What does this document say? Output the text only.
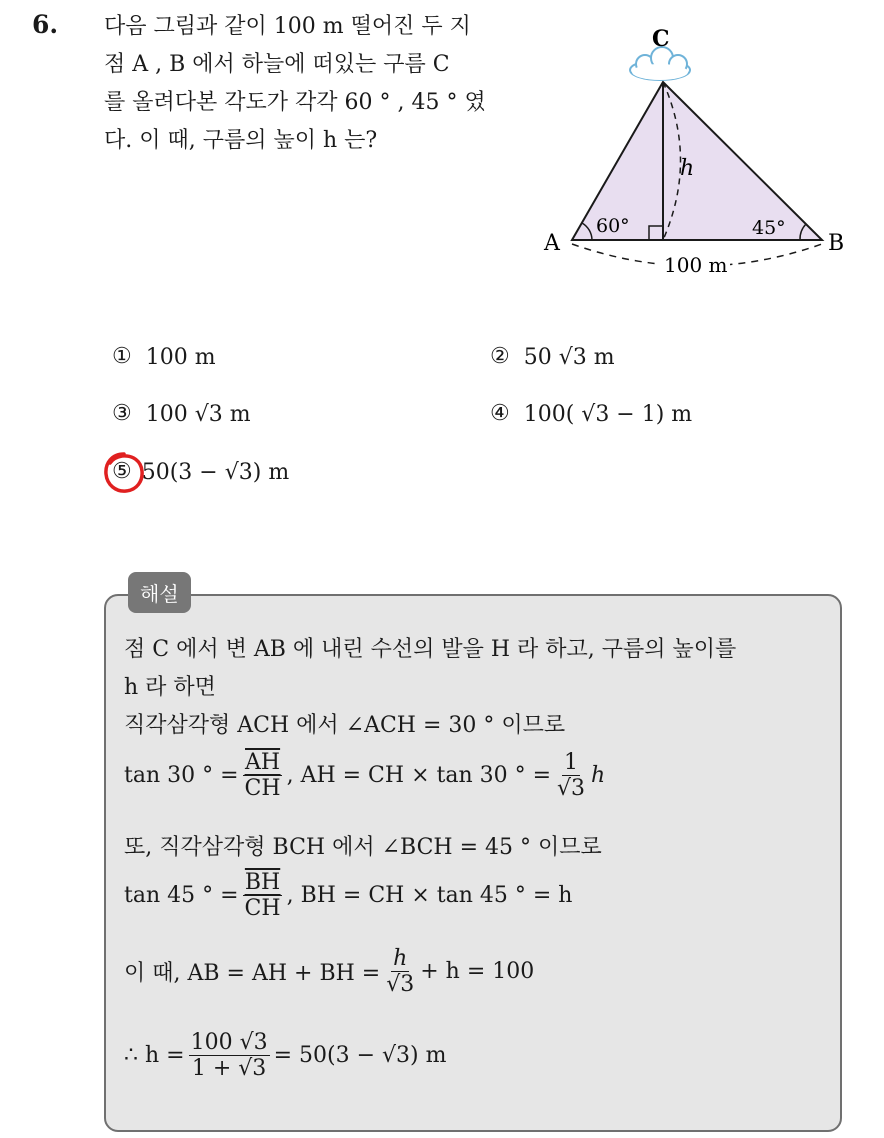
6. 다음 그림과 같이 100 m 떨어진 두 지
점 A , B 에서 하늘에 떠있는 구름 C
를 올려다본 각도가 각각 60 ° , 45 ° 였
다. 이 때, 구름의 높이 h 는?
C
A	B
h
60°	45°
100 m
① 100 m	② 50 √3 m
③ 100 √3 m	④ 100( √3 − 1) m
⑤ 50(3 − √3) m
해설
점 C 에서 변 AB 에 내린 수선의 발을 H 라 하고, 구름의 높이를
h 라 하면
직각삼각형 ACH 에서 ∠ACH = 30 ° 이므로
tan 30 ° = $\frac{\overline{AH}}{CH}$ , AH = CH × tan 30 ° = $\frac{1}{√3}$ h
또, 직각삼각형 BCH 에서 ∠BCH = 45 ° 이므로
tan 45 ° = $\frac{\overline{BH}}{CH}$ , BH = CH × tan 45 ° = h
이 때, AB = AH + BH = $\frac{h}{√3} + h = 100$
∴ $h = \frac{100 √3}{1 + √3} = 50(3 - √3)$ m
